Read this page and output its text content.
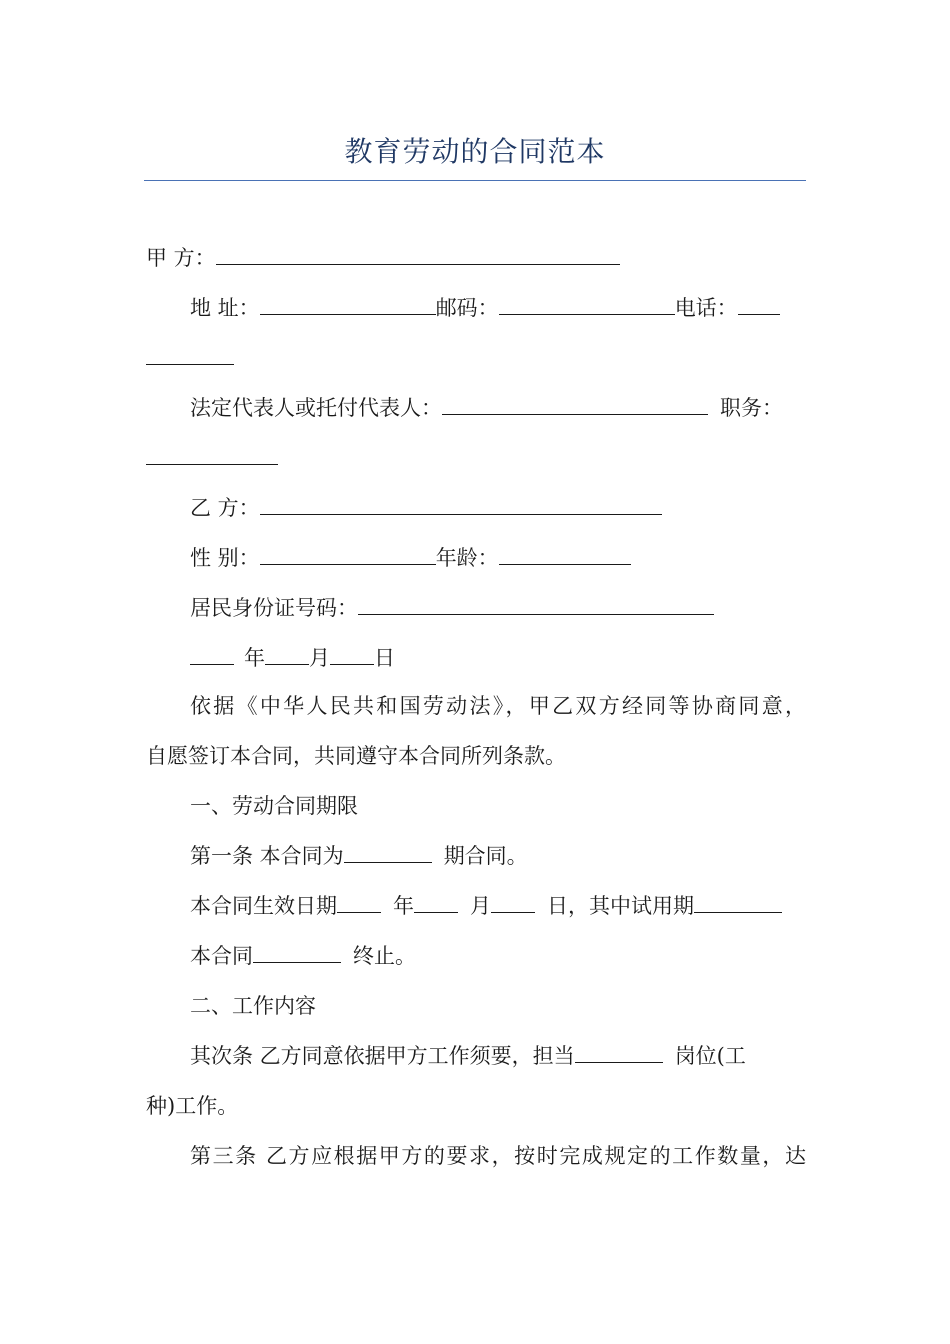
教育劳动的合同范本
甲 方：
地 址：	邮码：	电话：
法定代表人或托付代表人：	职务：
乙 方：
性 别：	年龄：
居民身份证号码：
年 月 日
依据《中华人民共和国劳动法》，甲乙双方经同等协商同意，
自愿签订本合同，共同遵守本合同所列条款。
一、劳动合同期限
第一条 本合同为	期合同。
本合同生效日期	年	月	日，其中试用期
本合同	终止。
二、工作内容
其次条 乙方同意依据甲方工作须要，担当	岗位(工
种)工作。
第三条 乙方应根据甲方的要求，按时完成规定的工作数量，达
